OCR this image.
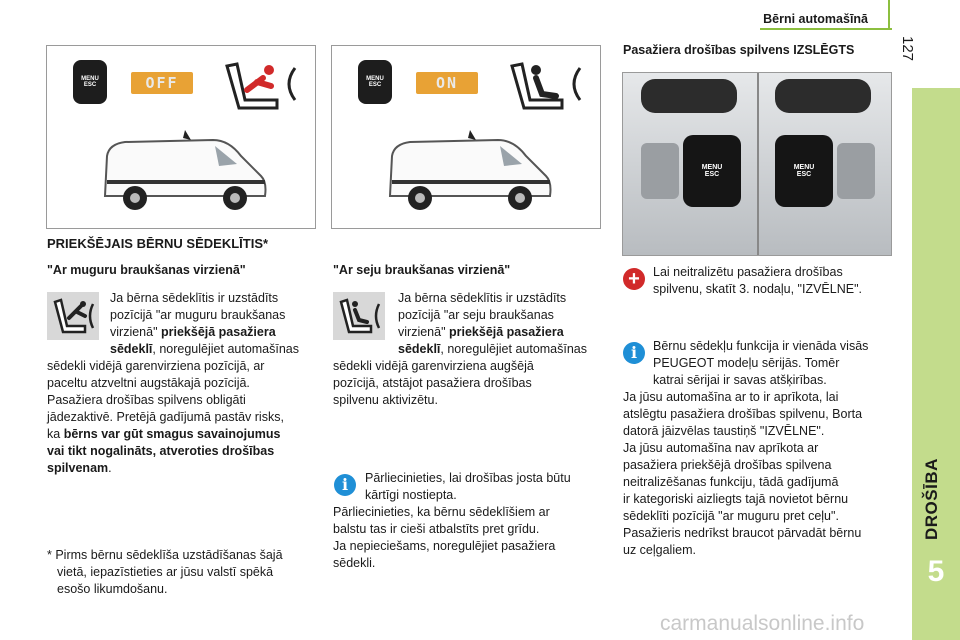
Bērni automašīnā
127
DROŠĪBA
5
MENU
ESC	OFF	MENU
ESC	ON
Pasažiera drošības spilvens IZSLĒGTS
MENU
ESC
MENU
ESC
PRIEKŠĒJAIS BĒRNU SĒDEKLĪTIS*
"Ar muguru braukšanas virzienā"
Ja bērna sēdeklītis ir uzstādīts
pozīcijā "ar muguru braukšanas
virzienā" priekšējā pasažiera
sēdeklī, noregulējiet automašīnas
sēdekli vidējā garenvirziena pozīcijā, ar
paceltu atzveltni augstākajā pozīcijā.
Pasažiera drošības spilvens obligāti
jādezaktivē. Pretējā gadījumā pastāv risks,
ka bērns var gūt smagus savainojumus
vai tikt nogalināts, atveroties drošības
spilvenam.
* Pirms bērnu sēdeklīša uzstādīšanas šajā
vietā, iepazīstieties ar jūsu valstī spēkā
esošo likumdošanu.
"Ar seju braukšanas virzienā"
Ja bērna sēdeklītis ir uzstādīts
pozīcijā "ar seju braukšanas
virzienā" priekšējā pasažiera
sēdeklī, noregulējiet automašīnas
sēdekli vidējā garenvirziena augšējā
pozīcijā, atstājot pasažiera drošības
spilvenu aktivizētu.
i	Pārliecinieties, lai drošības josta būtu
kārtīgi nostiepta.
Pārliecinieties, ka bērnu sēdeklīšiem ar
balstu tas ir cieši atbalstīts pret grīdu.
Ja nepieciešams, noregulējiet pasažiera
sēdekli.
+	Lai neitralizētu pasažiera drošības
spilvenu, skatīt 3. nodaļu, "IZVĒLNE".
i	Bērnu sēdekļu funkcija ir vienāda visās
PEUGEOT modeļu sērijās. Tomēr
katrai sērijai ir savas atšķirības.
Ja jūsu automašīna ar to ir aprīkota, lai
atslēgtu pasažiera drošības spilvenu, Borta
datorā jāizvēlas taustiņš "IZVĒLNE".
Ja jūsu automašīna nav aprīkota ar
pasažiera priekšējā drošības spilvena
neitralizēšanas funkciju, tādā gadījumā
ir kategoriski aizliegts tajā novietot bērnu
sēdeklīti pozīcijā "ar muguru pret ceļu".
Pasažieris nedrīkst braucot pārvadāt bērnu
uz ceļgaliem.
carmanualsonline.info
